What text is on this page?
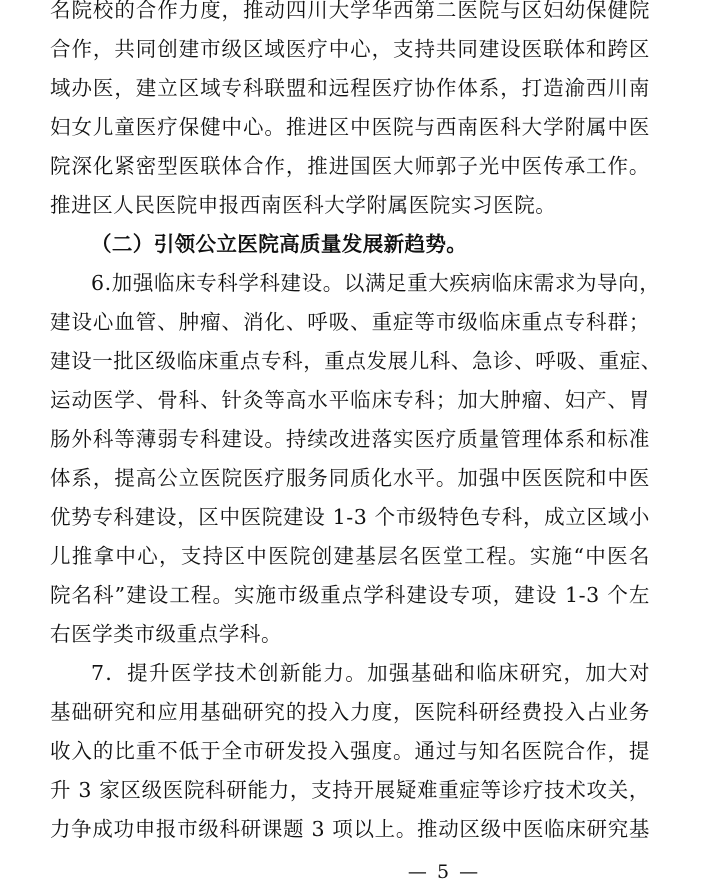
名院校的合作力度，推动四川大学华西第二医院与区妇幼保健院
合作，共同创建市级区域医疗中心，支持共同建设医联体和跨区
域办医，建立区域专科联盟和远程医疗协作体系，打造渝西川南
妇女儿童医疗保健中心。推进区中医院与西南医科大学附属中医
院深化紧密型医联体合作，推进国医大师郭子光中医传承工作。
推进区人民医院申报西南医科大学附属医院实习医院。
（二）引领公立医院高质量发展新趋势。
6.加强临床专科学科建设。以满足重大疾病临床需求为导向，
建设心血管、肿瘤、消化、呼吸、重症等市级临床重点专科群；
建设一批区级临床重点专科，重点发展儿科、急诊、呼吸、重症、
运动医学、骨科、针灸等高水平临床专科；加大肿瘤、妇产、胃
肠外科等薄弱专科建设。持续改进落实医疗质量管理体系和标准
体系，提高公立医院医疗服务同质化水平。加强中医医院和中医
优势专科建设，区中医院建设 1-3 个市级特色专科，成立区域小
儿推拿中心，支持区中医院创建基层名医堂工程。实施“中医名
院名科”建设工程。实施市级重点学科建设专项，建设 1-3 个左
右医学类市级重点学科。
7．提升医学技术创新能力。加强基础和临床研究，加大对
基础研究和应用基础研究的投入力度，医院科研经费投入占业务
收入的比重不低于全市研发投入强度。通过与知名医院合作，提
升 3 家区级医院科研能力，支持开展疑难重症等诊疗技术攻关，
力争成功申报市级科研课题 3 项以上。推动区级中医临床研究基
— 5 —
